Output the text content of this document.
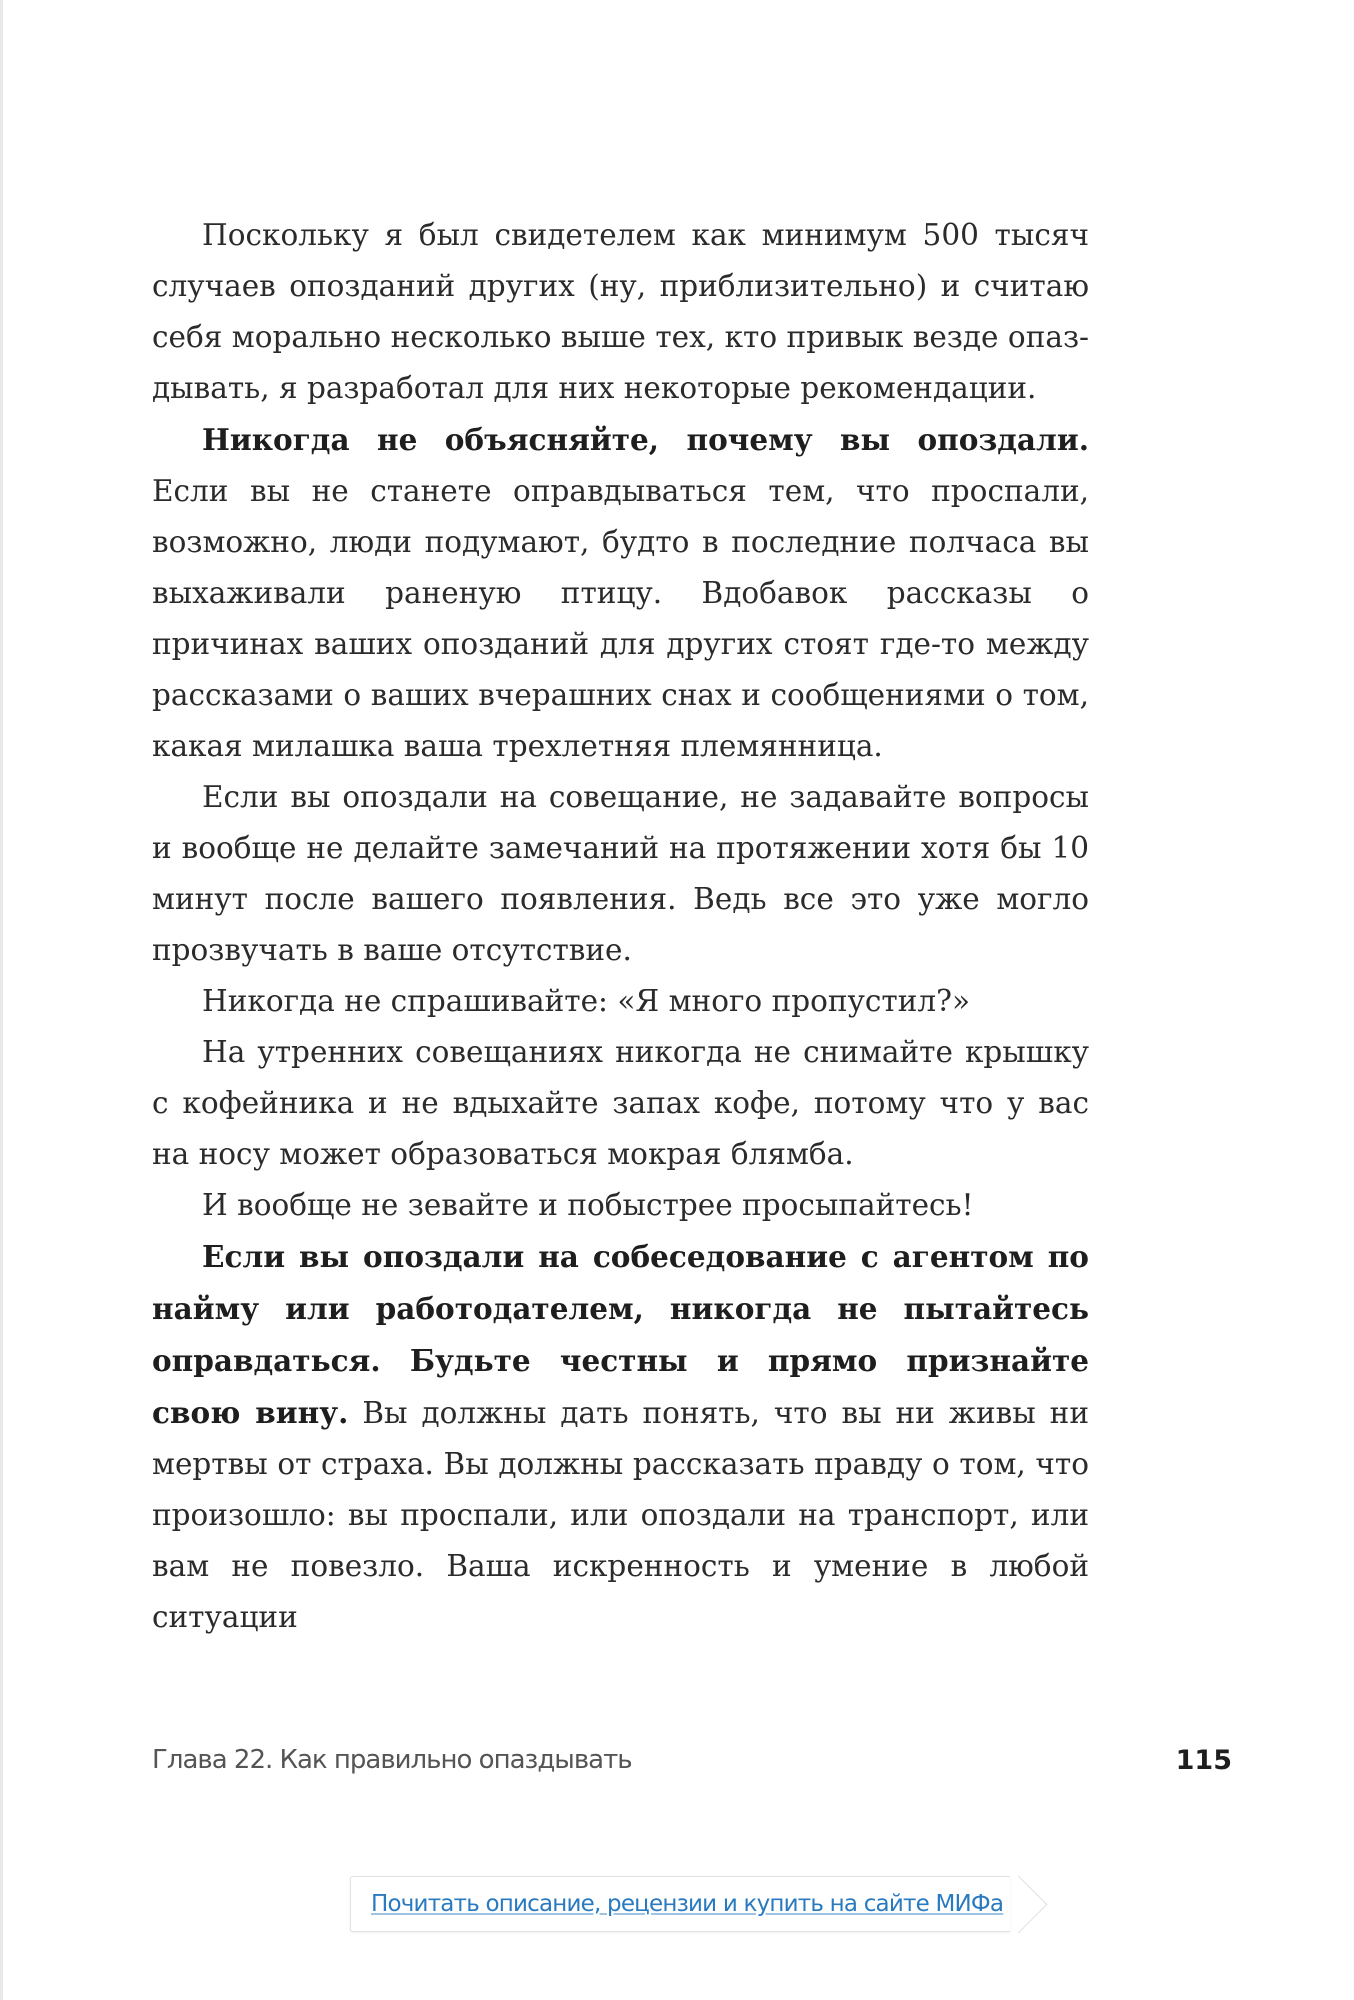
Поскольку я был свидетелем как минимум 500 тысяч случаев опозданий других (ну, приблизительно) и считаю себя морально несколько выше тех, кто привык везде опаздывать, я разработал для них некоторые рекомендации.

Никогда не объясняйте, почему вы опоздали. Если вы не станете оправдываться тем, что проспали, возможно, люди подумают, будто в последние полчаса вы выхаживали раненую птицу. Вдобавок рассказы о причинах ваших опозданий для других стоят где-то между рассказами о ваших вчерашних снах и сообщениями о том, какая милашка ваша трехлетняя племянница.

Если вы опоздали на совещание, не задавайте вопросы и вообще не делайте замечаний на протяжении хотя бы 10 минут после вашего появления. Ведь все это уже могло прозвучать в ваше отсутствие.

Никогда не спрашивайте: «Я много пропустил?»

На утренних совещаниях никогда не снимайте крышку с кофейника и не вдыхайте запах кофе, потому что у вас на носу может образоваться мокрая блямба.

И вообще не зевайте и побыстрее просыпайтесь!

Если вы опоздали на собеседование с агентом по найму или работодателем, никогда не пытайтесь оправдаться. Будьте честны и прямо признайте свою вину. Вы должны дать понять, что вы ни живы ни мертвы от страха. Вы должны рассказать правду о том, что произошло: вы проспали, или опоздали на транспорт, или вам не повезло. Ваша искренность и умение в любой ситуации

Глава 22. Как правильно опаздывать	115
Почитать описание, рецензии и купить на сайте МИФа
